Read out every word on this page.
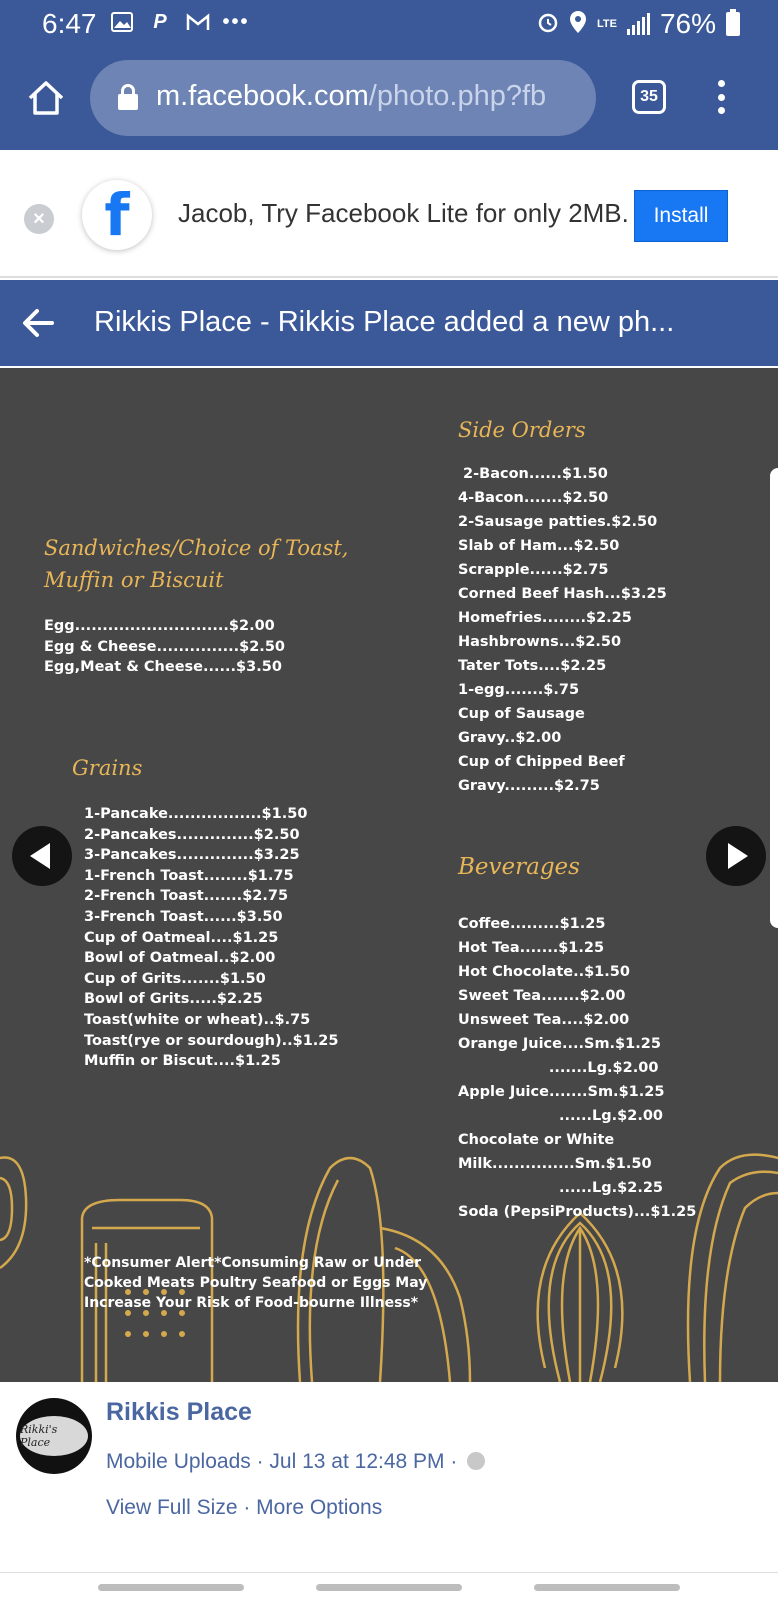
6:47	P	•••	LTE 76%
m.facebook.com/photo.php?fb	35
×	f	Jacob, Try Facebook Lite for only 2MB.	Install
Rikkis Place - Rikkis Place added a new ph...
Sandwiches/Choice of Toast,
Muffin or Biscuit
Egg............................$2.00
Egg & Cheese...............$2.50
Egg,Meat & Cheese......$3.50
Grains
1-Pancake.................$1.50
2-Pancakes..............$2.50
3-Pancakes..............$3.25
1-French Toast........$1.75
2-French Toast.......$2.75
3-French Toast......$3.50
Cup of Oatmeal....$1.25
Bowl of Oatmeal..$2.00
Cup of Grits.......$1.50
Bowl of Grits.....$2.25
Toast(white or wheat)..$.75
Toast(rye or sourdough)..$1.25
Muffin or Biscut....$1.25
Side Orders
2-Bacon......$1.50
4-Bacon.......$2.50
2-Sausage patties.$2.50
Slab of Ham...$2.50
Scrapple......$2.75
Corned Beef Hash...$3.25
Homefries........$2.25
Hashbrowns...$2.50
Tater Tots....$2.25
1-egg.......$.75
Cup of Sausage
Gravy..$2.00
Cup of Chipped Beef
Gravy.........$2.75
Beverages
Coffee.........$1.25
Hot Tea.......$1.25
Hot Chocolate..$1.50
Sweet Tea.......$2.00
Unsweet Tea....$2.00
Orange Juice....Sm.$1.25
.......Lg.$2.00
Apple Juice.......Sm.$1.25
......Lg.$2.00
Chocolate or White
Milk...............Sm.$1.50
......Lg.$2.25
Soda (PepsiProducts)...$1.25
*Consumer Alert*Consuming Raw or Under Cooked Meats Poultry Seafood or Eggs May Increase Your Risk of Food-bourne Illness*
Rikki's Place
Rikkis Place
Mobile Uploads · Jul 13 at 12:48 PM ·
View Full Size · More Options
